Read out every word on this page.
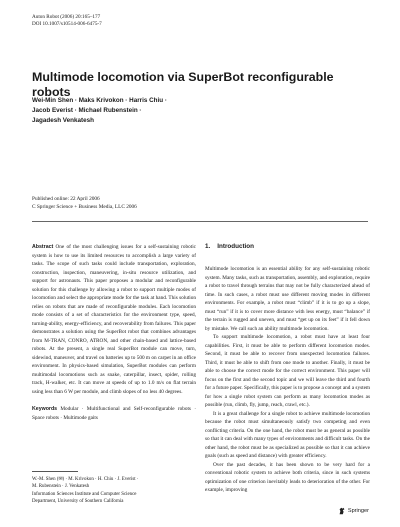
Auton Robot (2006) 20:165–177
DOI 10.1007/s10514-006-6475-7
Multimode locomotion via SuperBot reconfigurable robots
Wei-Min Shen · Maks Krivokon · Harris Chiu ·
Jacob Everist · Michael Rubenstein ·
Jagadesh Venkatesh
Published online: 22 April 2006
C Springer Science + Business Media, LLC 2006

Abstract One of the most challenging issues for a self-sustaining robotic system is how to use its limited resources to accomplish a large variety of tasks. The scope of such tasks could include transportation, exploration, construction, inspection, maneuvering, in-situ resource utilization, and support for astronauts. This paper proposes a modular and reconfigurable solution for this challenge by allowing a robot to support multiple modes of locomotion and select the appropriate mode for the task at hand. This solution relies on robots that are made of reconfigurable modules. Each locomotion mode consists of a set of characteristics for the environment type, speed, turning-ability, energy-efficiency, and recoverability from failures. This paper demonstrates a solution using the SuperBot robot that combines advantages from M-TRAN, CONRO, ATRON, and other chain-based and lattice-based robots. At the present, a single real SuperBot module can move, turn, sidewind, maneuver, and travel on batteries up to 500 m on carpet in an office environment. In physics-based simulation, SuperBot modules can perform multimodal locomotions such as snake, caterpillar, insect, spider, rolling track, H-walker, etc. It can move at speeds of up to 1.0 m/s on flat terrain using less than 6 W per module, and climb slopes of no less 40 degrees.

Keywords Modular · Multifunctional and Self-reconfigurable robots · Space robots · Multimode gaits

W.-M. Shen (✉) · M. Krivokon · H. Chiu · J. Everist ·
M. Rubenstein · J. Venkatesh
Information Sciences Institute and Computer Science
Department, University of Southern California
1. Introduction

Multimode locomotion is an essential ability for any self-sustaining robotic system. Many tasks, such as transportation, assembly, and exploration, require a robot to travel through terrains that may not be fully characterized ahead of time. In such cases, a robot must use different moving modes in different environments. For example, a robot must “climb” if it is to go up a slope, must “run” if it is to cover more distance with less energy, must “balance” if the terrain is rugged and uneven, and must “get up on its feet” if it fell down by mistake. We call such an ability multimode locomotion.

To support multimode locomotion, a robot must have at least four capabilities. First, it must be able to perform different locomotion modes. Second, it must be able to recover from unexpected locomotion failures. Third, it must be able to shift from one mode to another. Finally, it must be able to choose the correct mode for the correct environment. This paper will focus on the first and the second topic and we will leave the third and fourth for a future paper. Specifically, this paper is to propose a concept and a system for how a single robot system can perform as many locomotion modes as possible (run, climb, fly, jump, reach, crawl, etc.).

It is a great challenge for a single robot to achieve multimode locomotion because the robot must simultaneously satisfy two competing and even conflicting criteria. On the one hand, the robot must be as general as possible so that it can deal with many types of environments and difficult tasks. On the other hand, the robot must be as specialized as possible so that it can achieve goals (such as speed and distance) with greater efficiency.

Over the past decades, it has been shown to be very hard for a conventional robotic system to achieve both criteria, since in such systems optimization of one criterion inevitably leads to deterioration of the other. For example, improving

Springer
